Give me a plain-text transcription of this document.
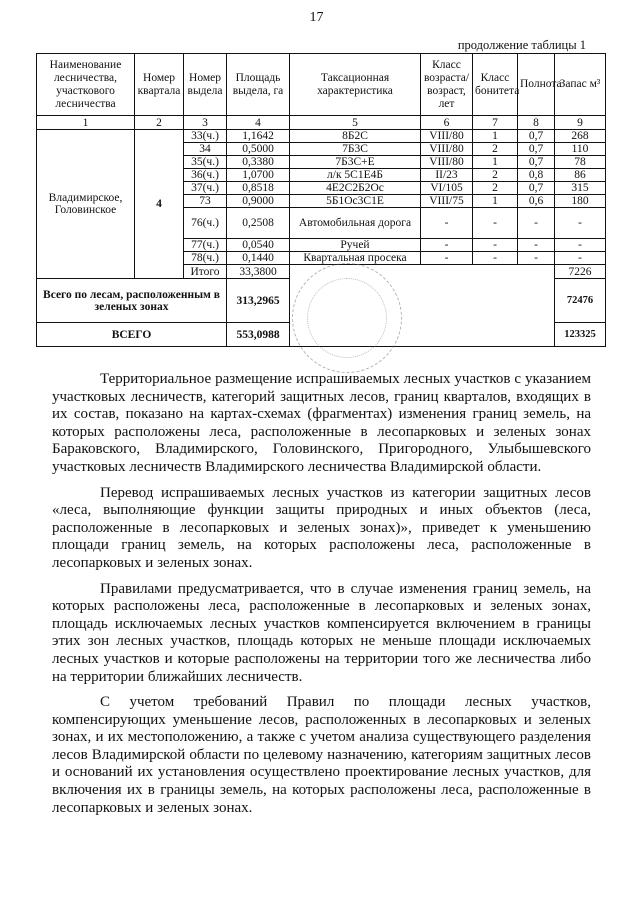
17
продолжение таблицы 1
Наименование лесничества, участкового лесничества	Номер квартала	Номер выдела	Площадь выдела, га	Таксационная характеристика	Класс возраста/ возраст, лет	Класс бонитета	Полнота	Запас м³
1	2	3	4	5	6	7	8	9
Владимирское, Головинское	4	33(ч.)	1,1642	8Б2С	VIII/80	1	0,7	268
		34	0,5000	7Б3С	VIII/80	2	0,7	110
		35(ч.)	0,3380	7Б3С+Е	VIII/80	1	0,7	78
		36(ч.)	1,0700	л/к 5С1Е4Б	II/23	2	0,8	86
		37(ч.)	0,8518	4Е2С2Б2Ос	VI/105	2	0,7	315
		73	0,9000	5Б1Ос3С1Е	VIII/75	1	0,6	180
		76(ч.)	0,2508	Автомобильная дорога	-	-	-	-
		77(ч.)	0,0540	Ручей	-	-	-	-
		78(ч.)	0,1440	Квартальная просека	-	-	-	-
		Итого	33,3800					7226
Всего по лесам, расположенным в зеленых зонах			313,2965					72476
ВСЕГО			553,0988					123325

Территориальное размещение испрашиваемых лесных участков с указанием участковых лесничеств, категорий защитных лесов, границ кварталов, входящих в их состав, показано на картах-схемах (фрагментах) изменения границ земель, на которых расположены леса, расположенные в лесопарковых и зеленых зонах Бараковского, Владимирского, Головинского, Пригородного, Улыбышевского участковых лесничеств Владимирского лесничества Владимирской области.

Перевод испрашиваемых лесных участков из категории защитных лесов «леса, выполняющие функции защиты природных и иных объектов (леса, расположенные в лесопарковых и зеленых зонах)», приведет к уменьшению площади границ земель, на которых расположены леса, расположенные в лесопарковых и зеленых зонах.

Правилами предусматривается, что в случае изменения границ земель, на которых расположены леса, расположенные в лесопарковых и зеленых зонах, площадь исключаемых лесных участков компенсируется включением в границы этих зон лесных участков, площадь которых не меньше площади исключаемых лесных участков и которые расположены на территории того же лесничества либо на территории ближайших лесничеств.

С учетом требований Правил по площади лесных участков, компенсирующих уменьшение лесов, расположенных в лесопарковых и зеленых зонах, и их местоположению, а также с учетом анализа существующего разделения лесов Владимирской области по целевому назначению, категориям защитных лесов и оснований их установления осуществлено проектирование лесных участков, для включения их в границы земель, на которых расположены леса, расположенные в лесопарковых и зеленых зонах.
